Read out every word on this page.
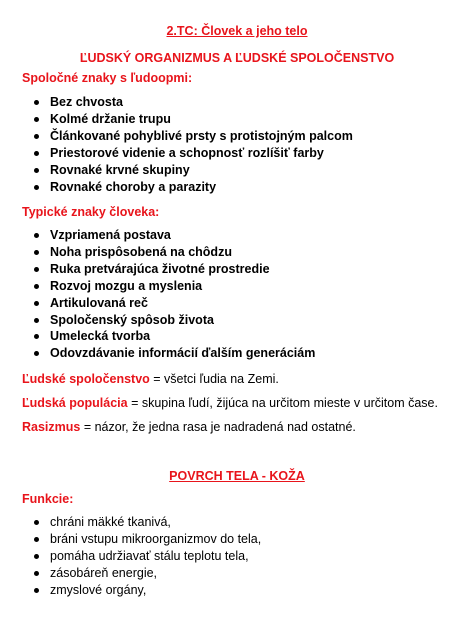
2.TC: Človek a jeho telo
ĽUDSKÝ ORGANIZMUS A ĽUDSKÉ SPOLOČENSTVO
Spoločné znaky s ľudoopmi:
Bez chvosta
Kolmé držanie trupu
Článkované pohyblivé prsty s protistojným palcom
Priestorové videnie a schopnosť rozlíšiť farby
Rovnaké krvné skupiny
Rovnaké choroby a parazity
Typické znaky človeka:
Vzpriamená postava
Noha prispôsobená na chôdzu
Ruka pretvárajúca životné prostredie
Rozvoj mozgu a myslenia
Artikulovaná reč
Spoločenský spôsob života
Umelecká tvorba
Odovzdávanie informácií ďalším generáciám
Ľudské spoločenstvo = všetci ľudia na Zemi.
Ľudská populácia = skupina ľudí, žijúca na určitom mieste v určitom čase.
Rasizmus = názor, že jedna rasa je nadradená nad ostatné.
POVRCH TELA - KOŽA
Funkcie:
chráni mäkké tkanivá,
bráni vstupu mikroorganizmov do tela,
pomáha udržiavať stálu teplotu tela,
zásobáreň energie,
zmyslové orgány,
